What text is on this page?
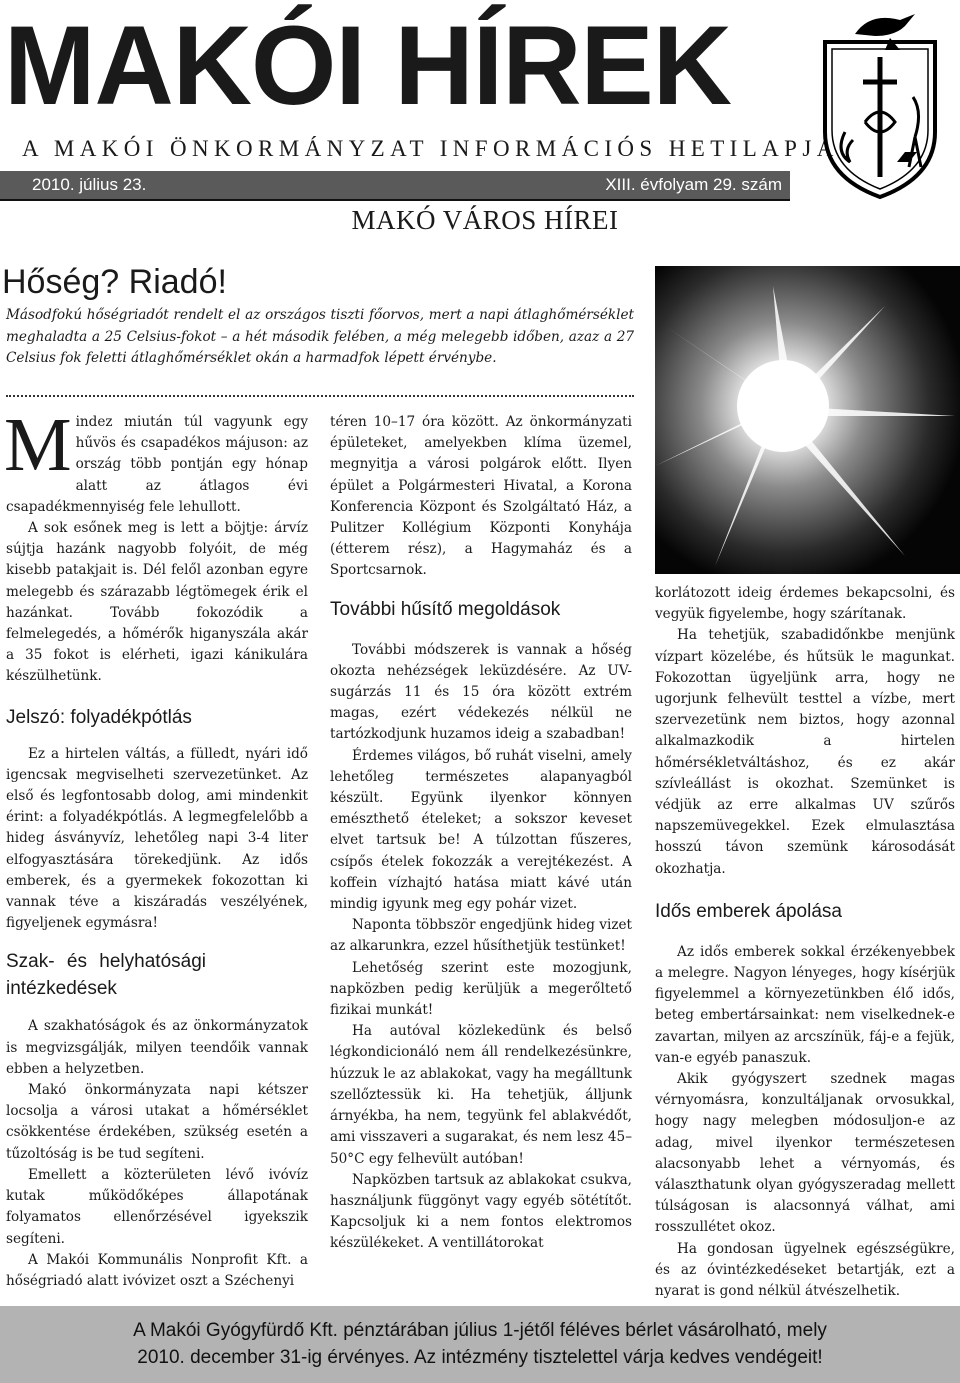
MAKÓI HÍREK
A MAKÓI ÖNKORMÁNYZAT INFORMÁCIÓS HETILAPJA
2010. július 23.	XIII. évfolyam 29. szám
MAKÓ VÁROS HÍREI
Hőség? Riadó!
Másodfokú hőségriadót rendelt el az országos tiszti főorvos, mert a napi átlaghőmérséklet meghaladta a 25 Celsius-fokot – a hét második felében, a még melegebb időben, azaz a 27 Celsius fok feletti átlaghőmérséklet okán a harmadfok lépett érvénybe.

Mindez miután túl vagyunk egy hűvös és csapadékos májuson: az ország több pontján egy hónap alatt az átlagos évi csapadékmennyiség fele lehullott.

A sok esőnek meg is lett a böjtje: árvíz sújtja hazánk nagyobb folyóit, de még kisebb patakjait is. Dél felől azonban egyre melegebb és szárazabb légtömegek érik el hazánkat. Tovább fokozódik a felmelegedés, a hőmérők higanyszála akár a 35 fokot is elérheti, igazi kánikulára készülhetünk.

Jelszó: folyadékpótlás

Ez a hirtelen váltás, a fülledt, nyári idő igencsak megviselheti szervezetünket. Az első és legfontosabb dolog, ami mindenkit érint: a folyadékpótlás. A legmegfelelőbb a hideg ásványvíz, lehetőleg napi 3-4 liter elfogyasztására törekedjünk. Az idős emberek, és a gyermekek fokozottan ki vannak téve a kiszáradás veszélyének, figyeljenek egymásra!

Szak- és helyhatósági intézkedések

A szakhatóságok és az önkormányzatok is megvizsgálják, milyen teendőik vannak ebben a helyzetben.

Makó önkormányzata napi kétszer locsolja a városi utakat a hőmérséklet csökkentése érdekében, szükség esetén a tűzoltóság is be tud segíteni.

Emellett a közterületen lévő ivóvíz kutak működőképes állapotának folyamatos ellenőrzésével igyekszik segíteni.

A Makói Kommunális Nonprofit Kft. a hőségriadó alatt ivóvizet oszt a Széchenyi

téren 10–17 óra között. Az önkormányzati épületeket, amelyekben klíma üzemel, megnyitja a városi polgárok előtt. Ilyen épület a Polgármesteri Hivatal, a Korona Konferencia Központ és Szolgáltató Ház, a Pulitzer Kollégium Központi Konyhája (étterem rész), a Hagymaház és a Sportcsarnok.

További hűsítő megoldások

További módszerek is vannak a hőség okozta nehézségek leküzdésére. Az UV-sugárzás 11 és 15 óra között extrém magas, ezért védekezés nélkül ne tartózkodjunk huzamos ideig a szabadban!

Érdemes világos, bő ruhát viselni, amely lehetőleg természetes alapanyagból készült. Együnk ilyenkor könnyen emészthető ételeket; a sokszor keveset elvet tartsuk be! A túlzottan fűszeres, csípős ételek fokozzák a verejtékezést. A koffein vízhajtó hatása miatt kávé után mindig igyunk meg egy pohár vizet.

Naponta többször engedjünk hideg vizet az alkarunkra, ezzel hűsíthetjük testünket!

Lehetőség szerint este mozogjunk, napközben pedig kerüljük a megerőltető fizikai munkát!

Ha autóval közlekedünk és belső légkondicionáló nem áll rendelkezésünkre, húzzuk le az ablakokat, vagy ha megálltunk szellőztessük ki. Ha tehetjük, álljunk árnyékba, ha nem, tegyünk fel ablakvédőt, ami visszaveri a sugarakat, és nem lesz 45–50°C egy felhevült autóban!

Napközben tartsuk az ablakokat csukva, használjunk függönyt vagy egyéb sötétítőt. Kapcsoljuk ki a nem fontos elektromos készülékeket. A ventillátorokat

korlátozott ideig érdemes bekapcsolni, és vegyük figyelembe, hogy szárítanak.

Ha tehetjük, szabadidőnkbe menjünk vízpart közelébe, és hűtsük le magunkat. Fokozottan ügyeljünk arra, hogy ne ugorjunk felhevült testtel a vízbe, mert szervezetünk nem biztos, hogy azonnal alkalmazkodik a hirtelen hőmérsékletváltáshoz, és ez akár szívleállást is okozhat. Szemünket is védjük az erre alkalmas UV szűrős napszemüvegekkel. Ezek elmulasztása hosszú távon szemünk károsodását okozhatja.

Idős emberek ápolása

Az idős emberek sokkal érzékenyebbek a melegre. Nagyon lényeges, hogy kísérjük figyelemmel a környezetünkben élő idős, beteg embertársainkat: nem viselkednek-e zavartan, milyen az arcszínük, fáj-e a fejük, van-e egyéb panaszuk.

Akik gyógyszert szednek magas vérnyomásra, konzultáljanak orvosukkal, hogy nagy melegben módosuljon-e az adag, mivel ilyenkor természetesen alacsonyabb lehet a vérnyomás, és választhatunk olyan gyógyszeradag mellett túlságosan is alacsonnyá válhat, ami rosszullétet okoz.

Ha gondosan ügyelnek egészségükre, és az óvintézkedéseket betartják, ezt a nyarat is gond nélkül átvészelhetik.

A Makói Gyógyfürdő Kft. pénztárában július 1-jétől féléves bérlet vásárolható, mely
2010. december 31-ig érvényes. Az intézmény tisztelettel várja kedves vendégeit!
